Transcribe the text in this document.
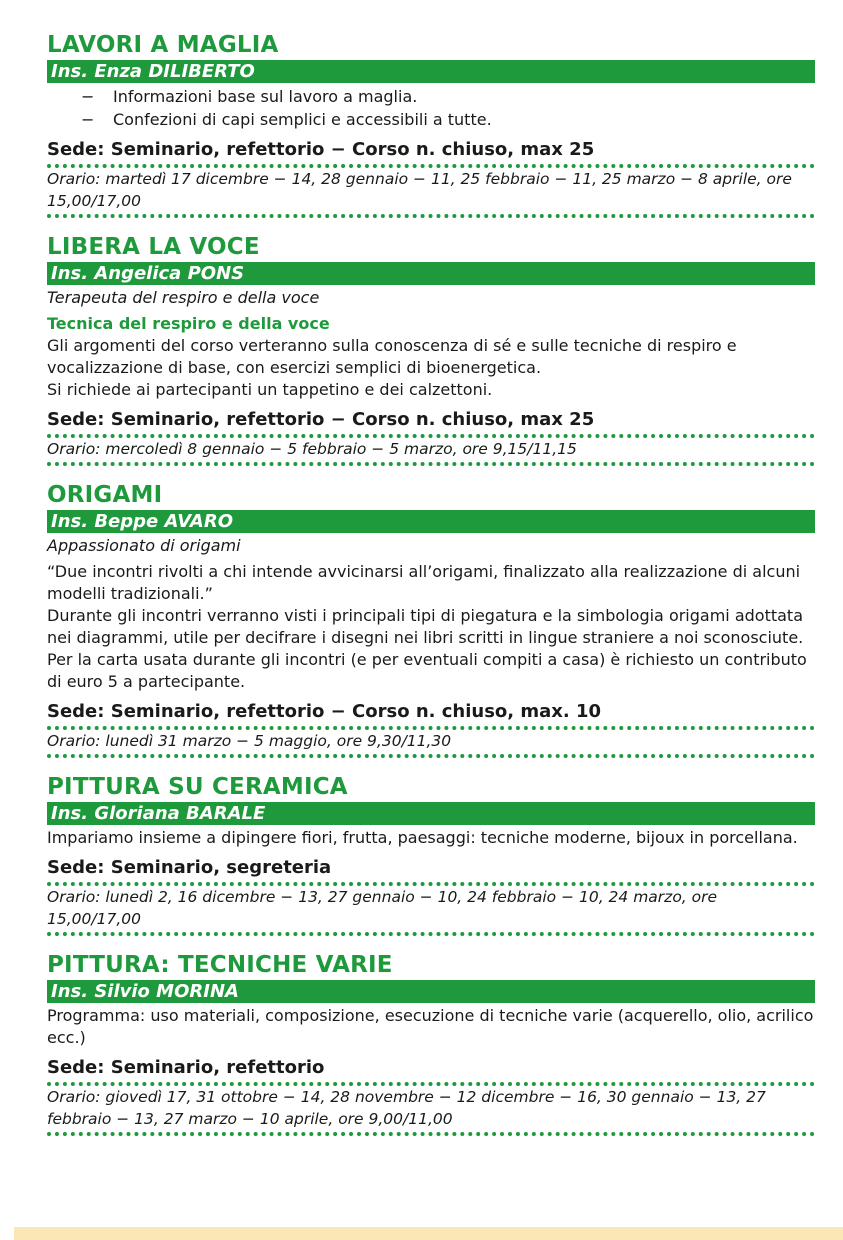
LAVORI A MAGLIA
Ins. Enza DILIBERTO
− Informazioni base sul lavoro a maglia.
− Confezioni di capi semplici e accessibili a tutte.
Sede: Seminario, refettorio − Corso n. chiuso, max 25
Orario: martedì 17 dicembre − 14, 28 gennaio − 11, 25 febbraio − 11, 25 marzo − 8 aprile, ore 15,00/17,00
LIBERA LA VOCE
Ins. Angelica PONS
Terapeuta del respiro e della voce
Tecnica del respiro e della voce

Gli argomenti del corso verteranno sulla conoscenza di sé e sulle tecniche di respiro e vocalizzazione di base, con esercizi semplici di bioenergetica.

Si richiede ai partecipanti un tappetino e dei calzettoni.

Sede: Seminario, refettorio − Corso n. chiuso, max 25
Orario: mercoledì 8 gennaio − 5 febbraio − 5 marzo, ore 9,15/11,15
ORIGAMI
Ins. Beppe AVARO
Appassionato di origami

“Due incontri rivolti a chi intende avvicinarsi all’origami, finalizzato alla realizzazione di alcuni modelli tradizionali.”

Durante gli incontri verranno visti i principali tipi di piegatura e la simbologia origami adottata nei diagrammi, utile per decifrare i disegni nei libri scritti in lingue straniere a noi sconosciute. Per la carta usata durante gli incontri (e per eventuali compiti a casa) è richiesto un contributo di euro 5 a partecipante.

Sede: Seminario, refettorio − Corso n. chiuso, max. 10
Orario: lunedì 31 marzo − 5 maggio, ore 9,30/11,30
PITTURA SU CERAMICA
Ins. Gloriana BARALE

Impariamo insieme a dipingere fiori, frutta, paesaggi: tecniche moderne, bijoux in porcellana.

Sede: Seminario, segreteria
Orario: lunedì 2, 16 dicembre − 13, 27 gennaio − 10, 24 febbraio − 10, 24 marzo, ore 15,00/17,00
PITTURA: TECNICHE VARIE
Ins. Silvio MORINA

Programma: uso materiali, composizione, esecuzione di tecniche varie (acquerello, olio, acrilico ecc.)

Sede: Seminario, refettorio
Orario: giovedì 17, 31 ottobre − 14, 28 novembre − 12 dicembre − 16, 30 gennaio − 13, 27 febbraio − 13, 27 marzo − 10 aprile, ore 9,00/11,00
